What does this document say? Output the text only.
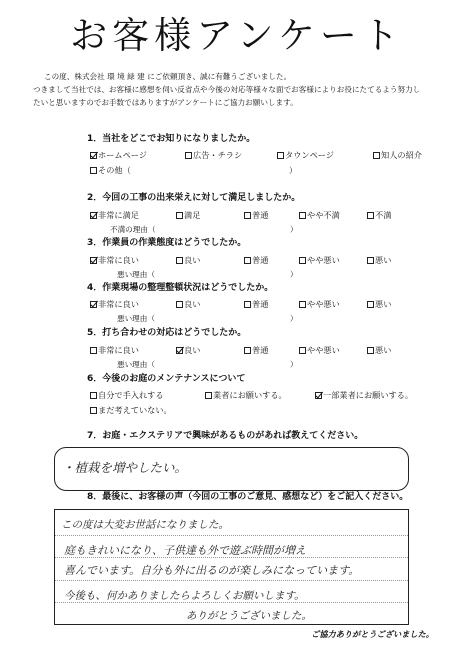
お客様アンケート
この度、株式会社 環 境 緑 建 にご依頼頂き、誠に有難うございました。
つきまして当社では、お客様に感想を伺い反省点や今後の対応等様々な面でお客様によりお役にたてるよう努力し
たいと思いますのでお手数ではありますがアンケートにご協力お願いします。
1．当社をどこでお知りになりましたか。
ホームページ	広告・チラシ	タウンページ	知人の紹介
その他（	）
2．今回の工事の出来栄えに対して満足しましたか。
非常に満足	満足	普通	やや不満	不満
不満の理由（	）
3．作業員の作業態度はどうでしたか。
非常に良い	良い	普通	やや悪い	悪い
悪い理由（	）
4．作業現場の整理整頓状況はどうでしたか。
非常に良い	良い	普通	やや悪い	悪い
悪い理由（	）
5．打ち合わせの対応はどうでしたか。
非常に良い	良い	普通	やや悪い	悪い
悪い理由（	）
6．今後のお庭のメンテナンスについて
自分で手入れする	業者にお願いする。	一部業者にお願いする。
まだ考えていない。
7．お庭・エクステリアで興味があるものがあれば教えてください。
・植栽を増やしたい。
8．最後に、お客様の声（今回の工事のご意見、感想など）をご記入ください。
この度は大変お世話になりました。
庭もきれいになり、子供達も外で遊ぶ時間が増え
喜んでいます。自分も外に出るのが楽しみになっています。
今後も、何かありましたらよろしくお願いします。
ありがとうございました。
ご協力ありがとうございました。
